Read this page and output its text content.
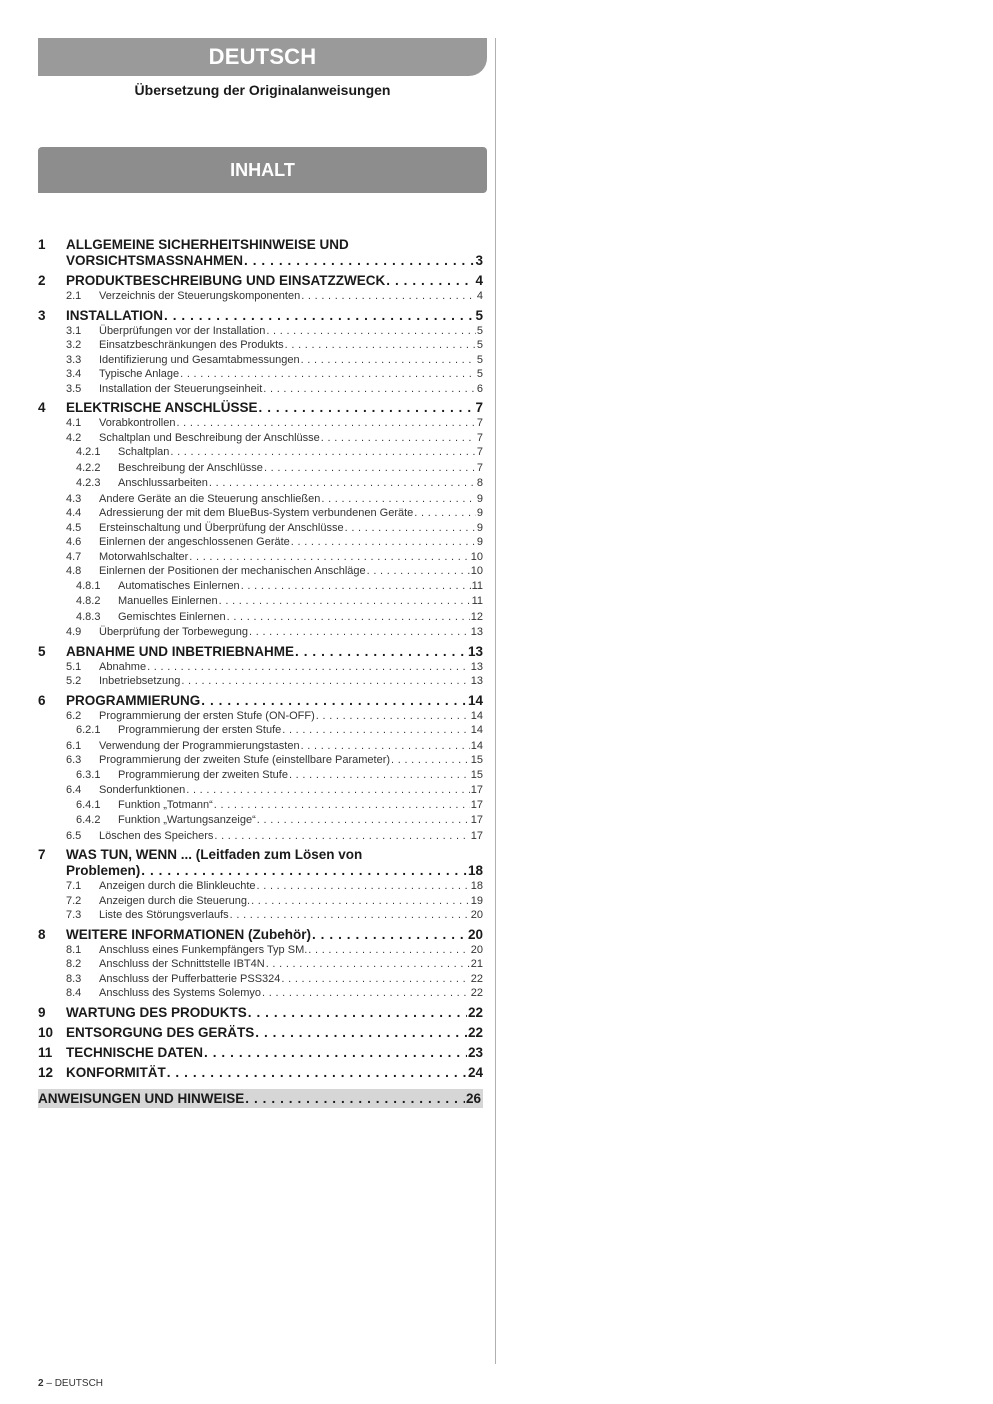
DEUTSCH
Übersetzung der Originalanweisungen
INHALT
1	ALLGEMEINE SICHERHEITSHINWEISE UND
VORSICHTSMASSNAHMEN . . .	3
2	PRODUKTBESCHREIBUNG UND EINSATZZWECK . . .	4
2.1	Verzeichnis der Steuerungskomponenten . . .	4
3	INSTALLATION . . .	5
3.1	Überprüfungen vor der Installation . . .	5
3.2	Einsatzbeschränkungen des Produkts . . .	5
3.3	Identifizierung und Gesamtabmessungen . . .	5
3.4	Typische Anlage . . .	5
3.5	Installation der Steuerungseinheit . . .	6
4	ELEKTRISCHE ANSCHLÜSSE . . .	7
4.1	Vorabkontrollen . . .	7
4.2	Schaltplan und Beschreibung der Anschlüsse . . .	7
4.2.1	Schaltplan . . .	7
4.2.2	Beschreibung der Anschlüsse . . .	7
4.2.3	Anschlussarbeiten . . .	8
4.3	Andere Geräte an die Steuerung anschließen . . .	9
4.4	Adressierung der mit dem BlueBus-System verbundenen Geräte . . .	9
4.5	Ersteinschaltung und Überprüfung der Anschlüsse . . .	9
4.6	Einlernen der angeschlossenen Geräte . . .	9
4.7	Motorwahlschalter . . .	10
4.8	Einlernen der Positionen der mechanischen Anschläge . . .	10
4.8.1	Automatisches Einlernen . . .	11
4.8.2	Manuelles Einlernen . . .	11
4.8.3	Gemischtes Einlernen . . .	12
4.9	Überprüfung der Torbewegung . . .	13
5	ABNAHME UND INBETRIEBNAHME . . .	13
5.1	Abnahme . . .	13
5.2	Inbetriebsetzung . . .	13
6	PROGRAMMIERUNG . . .	14
6.2	Programmierung der ersten Stufe (ON-OFF) . . .	14
6.2.1	Programmierung der ersten Stufe . . .	14
6.1	Verwendung der Programmierungstasten . . .	14
6.3	Programmierung der zweiten Stufe (einstellbare Parameter) . . .	15
6.3.1	Programmierung der zweiten Stufe . . .	15
6.4	Sonderfunktionen . . .	17
6.4.1	Funktion „Totmann“ . . .	17
6.4.2	Funktion „Wartungsanzeige“ . . .	17
6.5	Löschen des Speichers . . .	17
7	WAS TUN, WENN ... (Leitfaden zum Lösen von
Problemen) . . .	18
7.1	Anzeigen durch die Blinkleuchte . . .	18
7.2	Anzeigen durch die Steuerung. . . .	19
7.3	Liste des Störungsverlaufs . . .	20
8	WEITERE INFORMATIONEN (Zubehör) . . .	20
8.1	Anschluss eines Funkempfängers Typ SM. . . .	20
8.2	Anschluss der Schnittstelle IBT4N . . .	21
8.3	Anschluss der Pufferbatterie PSS324 . . .	22
8.4	Anschluss des Systems Solemyo . . .	22
9	WARTUNG DES PRODUKTS . . .	22
10 ENTSORGUNG DES GERÄTS . . .	22
11	TECHNISCHE DATEN . . .	23
12 KONFORMITÄT . . .	24
ANWEISUNGEN UND HINWEISE . . .	26
2 – DEUTSCH
